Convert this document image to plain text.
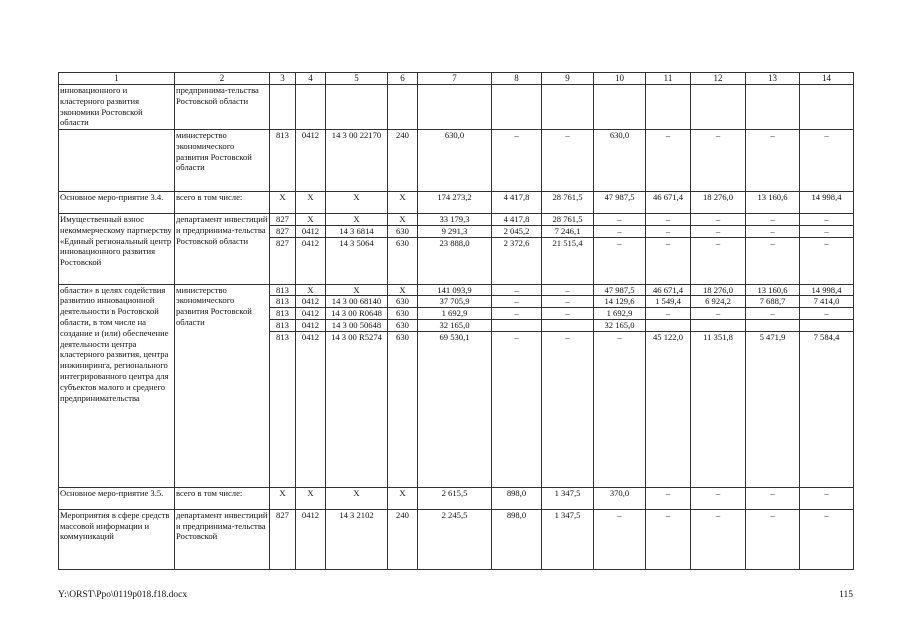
1	2	3	4	5	6	7	8	9	10	11	12	13	14
инновационного и кластерного развития экономики Ростовской области	предпринима-тельства Ростовской области												
	министерство экономического развития Ростовской области	813	0412	14 3 00 22170	240	630,0	–	–	630,0	–	–	–	–
Основное меро-приятие 3.4.	всего в том числе:	Х	Х	Х	Х	174 273,2	4 417,8	28 761,5	47 987,5	46 671,4	18 276,0	13 160,6	14 998,4
Имущественный взнос некоммерческому партнерству «Единый региональный центр инновационного развития Ростовской	департамент инвестиций и предпринима-тельства Ростовской области	827	Х	Х	Х	33 179,3	4 417,8	28 761,5	–	–	–	–	–
		827	0412	14 3 6814	630	9 291,3	2 045,2	7 246,1	–	–	–	–	–
		827	0412	14 3 5064	630	23 888,0	2 372,6	21 515,4	–	–	–	–	–
области» в целях содействия развитию инновационной деятельности в Ростовской области, в том числе на создание и (или) обеспечение деятельности центра кластерного развития, центра инжиниринга, регионального интегрированного центра для субъектов малого и среднего предпринимательства	министерство экономического развития Ростовской области	813	Х	Х	Х	141 093,9	–	–	47 987,5	46 671,4	18 276,0	13 160,6	14 998,4
		813	0412	14 3 00 68140	630	37 705,9	–	–	14 129,6	1 549,4	6 924,2	7 688,7	7 414,0
		813	0412	14 3 00 R0648	630	1 692,9	–	–	1 692,9	–	–	–	–
		813	0412	14 3 00 50648	630	32 165,0			32 165,0				
		813	0412	14 3 00 R5274	630	69 530,1	–	–	–	45 122,0	11 351,8	5 471,9	7 584,4
Основное меро-приятие 3.5.	всего в том числе:	Х	Х	Х	Х	2 615,5	898,0	1 347,5	370,0	–	–	–	–
Мероприятия в сфере средств массовой информации и коммуникаций	департамент инвестиций и предпринима-тельства Ростовской	827	0412	14 3 2102	240	2 245,5	898,0	1 347,5	–	–	–	–	–
Y:\ORST\Ppo\0119p018.f18.docx	115
